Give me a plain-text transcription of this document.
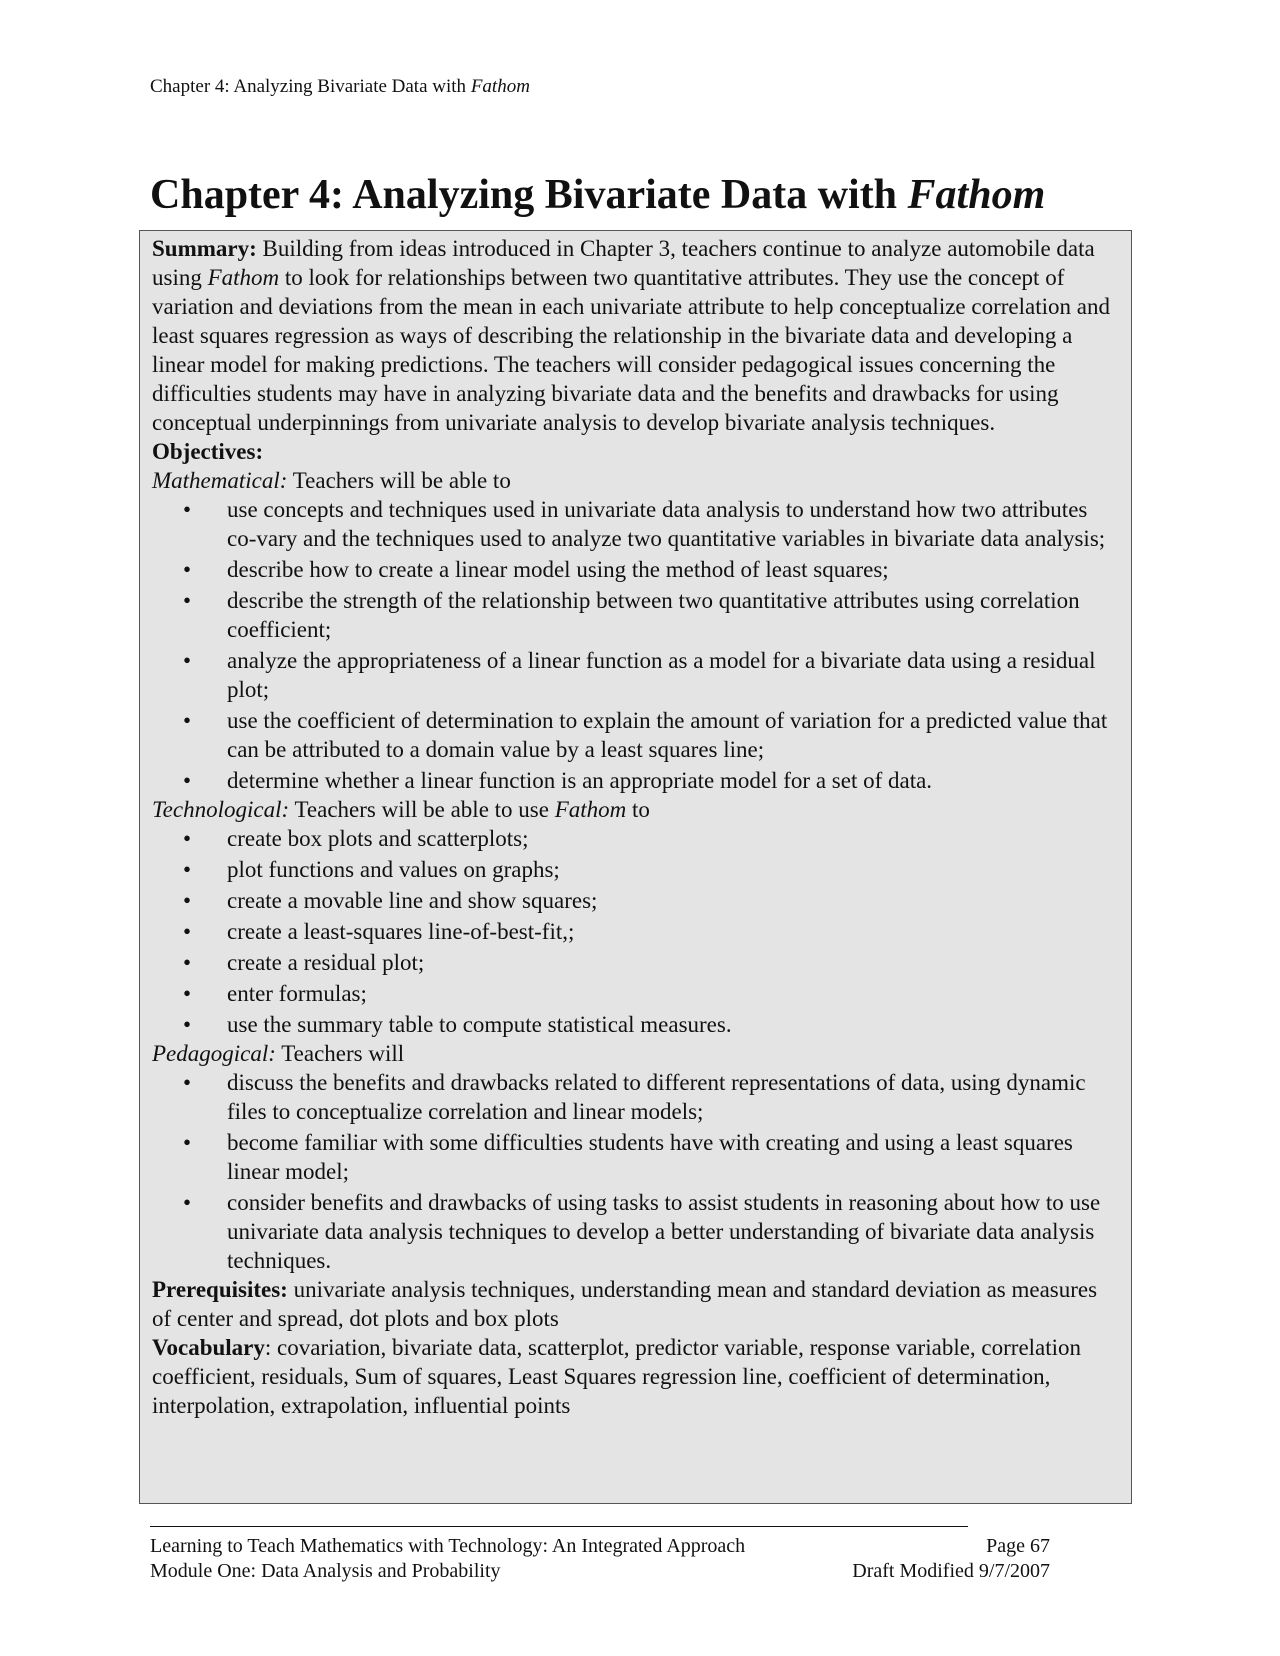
Chapter 4: Analyzing Bivariate Data with Fathom
Chapter 4: Analyzing Bivariate Data with Fathom

Summary: Building from ideas introduced in Chapter 3, teachers continue to analyze automobile data using Fathom to look for relationships between two quantitative attributes. They use the concept of variation and deviations from the mean in each univariate attribute to help conceptualize correlation and least squares regression as ways of describing the relationship in the bivariate data and developing a linear model for making predictions. The teachers will consider pedagogical issues concerning the difficulties students may have in analyzing bivariate data and the benefits and drawbacks for using conceptual underpinnings from univariate analysis to develop bivariate analysis techniques.

Objectives:

Mathematical: Teachers will be able to

• use concepts and techniques used in univariate data analysis to understand how two attributes co-vary and the techniques used to analyze two quantitative variables in bivariate data analysis;
• describe how to create a linear model using the method of least squares;
• describe the strength of the relationship between two quantitative attributes using correlation coefficient;
• analyze the appropriateness of a linear function as a model for a bivariate data using a residual plot;
• use the coefficient of determination to explain the amount of variation for a predicted value that can be attributed to a domain value by a least squares line;
• determine whether a linear function is an appropriate model for a set of data.

Technological: Teachers will be able to use Fathom to

• create box plots and scatterplots;
• plot functions and values on graphs;
• create a movable line and show squares;
• create a least-squares line-of-best-fit,;
• create a residual plot;
• enter formulas;
• use the summary table to compute statistical measures.

Pedagogical: Teachers will

• discuss the benefits and drawbacks related to different representations of data, using dynamic files to conceptualize correlation and linear models;
• become familiar with some difficulties students have with creating and using a least squares linear model;
• consider benefits and drawbacks of using tasks to assist students in reasoning about how to use univariate data analysis techniques to develop a better understanding of bivariate data analysis techniques.

Prerequisites: univariate analysis techniques, understanding mean and standard deviation as measures of center and spread, dot plots and box plots

Vocabulary: covariation, bivariate data, scatterplot, predictor variable, response variable, correlation coefficient, residuals, Sum of squares, Least Squares regression line, coefficient of determination, interpolation, extrapolation, influential points

Learning to Teach Mathematics with Technology: An Integrated Approach	Page 67
Module One: Data Analysis and Probability	Draft Modified 9/7/2007
